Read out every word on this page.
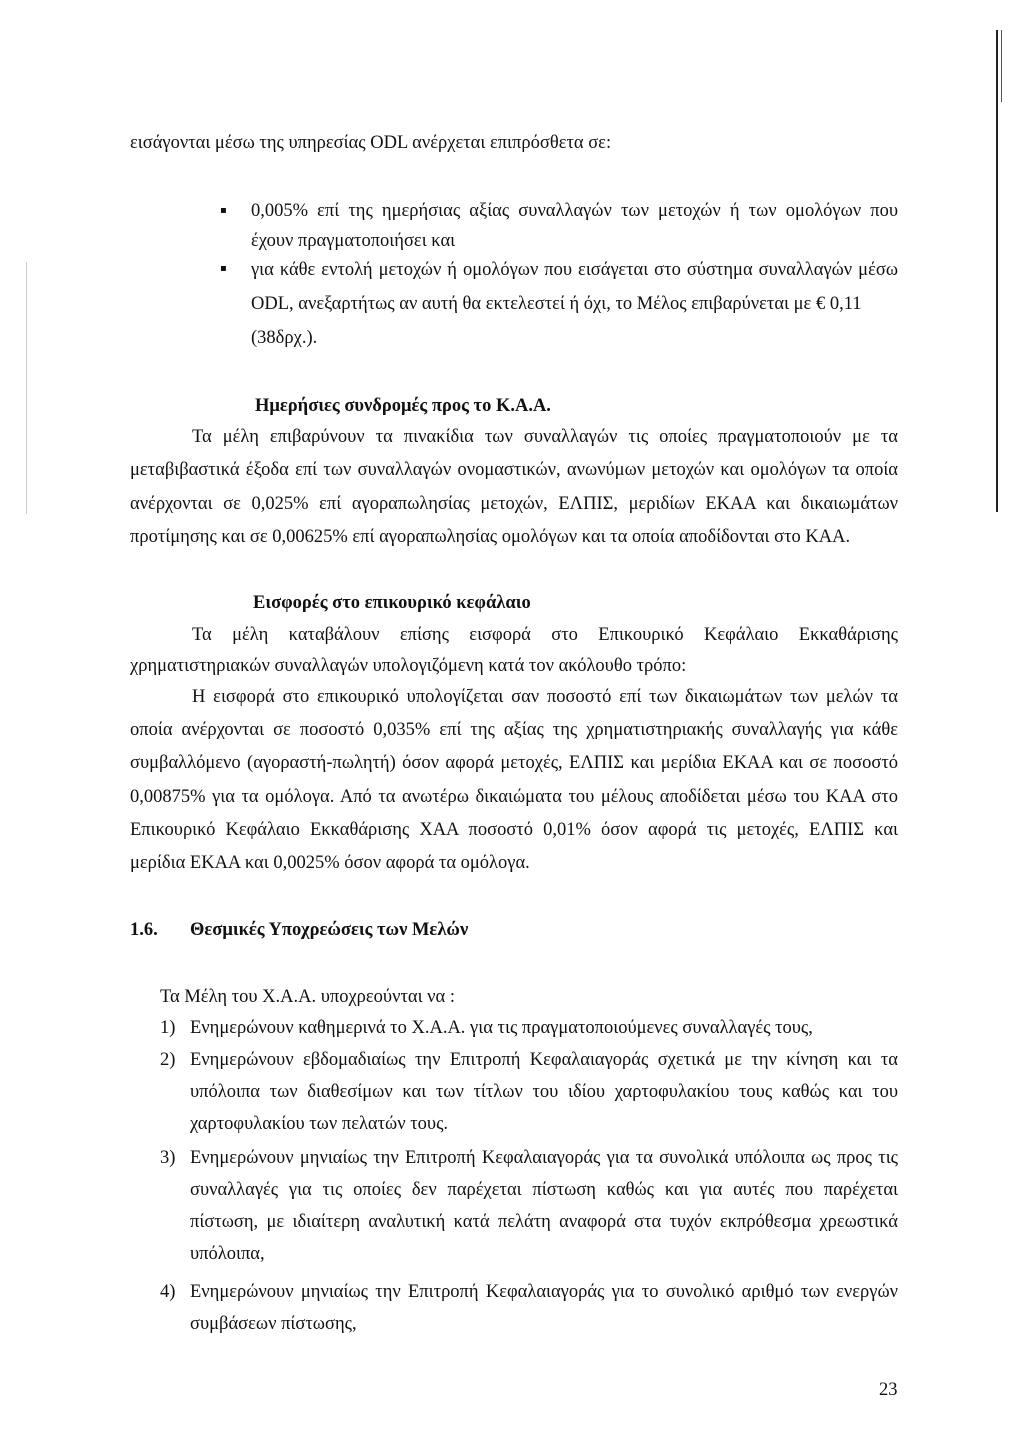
εισάγονται μέσω της υπηρεσίας ODL ανέρχεται επιπρόσθετα σε:
▪ 0,005% επί της ημερήσιας αξίας συναλλαγών των μετοχών ή των ομολόγων που
έχουν πραγματοποιήσει και
▪ για κάθε εντολή μετοχών ή ομολόγων που εισάγεται στο σύστημα συναλλαγών μέσω
ODL, ανεξαρτήτως αν αυτή θα εκτελεστεί ή όχι, το Μέλος επιβαρύνεται με € 0,11
(38δρχ.).
Ημερήσιες συνδρομές προς το Κ.Α.Α.
Τα μέλη επιβαρύνουν τα πινακίδια των συναλλαγών τις οποίες πραγματοποιούν με τα
μεταβιβαστικά έξοδα επί των συναλλαγών ονομαστικών, ανωνύμων μετοχών και ομολόγων τα οποία
ανέρχονται σε 0,025% επί αγοραπωλησίας μετοχών, ΕΛΠΙΣ, μεριδίων ΕΚΑΑ και δικαιωμάτων
προτίμησης και σε 0,00625% επί αγοραπωλησίας ομολόγων και τα οποία αποδίδονται στο ΚΑΑ.
Εισφορές στο επικουρικό κεφάλαιο
Τα μέλη καταβάλουν επίσης εισφορά στο Επικουρικό Κεφάλαιο Εκκαθάρισης
χρηματιστηριακών συναλλαγών υπολογιζόμενη κατά τον ακόλουθο τρόπο:
Η εισφορά στο επικουρικό υπολογίζεται σαν ποσοστό επί των δικαιωμάτων των μελών τα
οποία ανέρχονται σε ποσοστό 0,035% επί της αξίας της χρηματιστηριακής συναλλαγής για κάθε
συμβαλλόμενο (αγοραστή-πωλητή) όσον αφορά μετοχές, ΕΛΠΙΣ και μερίδια ΕΚΑΑ και σε ποσοστό
0,00875% για τα ομόλογα. Από τα ανωτέρω δικαιώματα του μέλους αποδίδεται μέσω του ΚΑΑ στο
Επικουρικό Κεφάλαιο Εκκαθάρισης ΧΑΑ ποσοστό 0,01% όσον αφορά τις μετοχές, ΕΛΠΙΣ και
μερίδια ΕΚΑΑ και 0,0025% όσον αφορά τα ομόλογα.
1.6. Θεσμικές Υποχρεώσεις των Μελών
Τα Μέλη του Χ.Α.Α. υποχρεούνται να :
1) Ενημερώνουν καθημερινά το Χ.Α.Α. για τις πραγματοποιούμενες συναλλαγές τους,
2) Ενημερώνουν εβδομαδιαίως την Επιτροπή Κεφαλαιαγοράς σχετικά με την κίνηση και τα
υπόλοιπα των διαθεσίμων και των τίτλων του ιδίου χαρτοφυλακίου τους καθώς και του
χαρτοφυλακίου των πελατών τους.
3) Ενημερώνουν μηνιαίως την Επιτροπή Κεφαλαιαγοράς για τα συνολικά υπόλοιπα ως προς τις
συναλλαγές για τις οποίες δεν παρέχεται πίστωση καθώς και για αυτές που παρέχεται
πίστωση, με ιδιαίτερη αναλυτική κατά πελάτη αναφορά στα τυχόν εκπρόθεσμα χρεωστικά
υπόλοιπα,
4) Ενημερώνουν μηνιαίως την Επιτροπή Κεφαλαιαγοράς για το συνολικό αριθμό των ενεργών
συμβάσεων πίστωσης,
23
